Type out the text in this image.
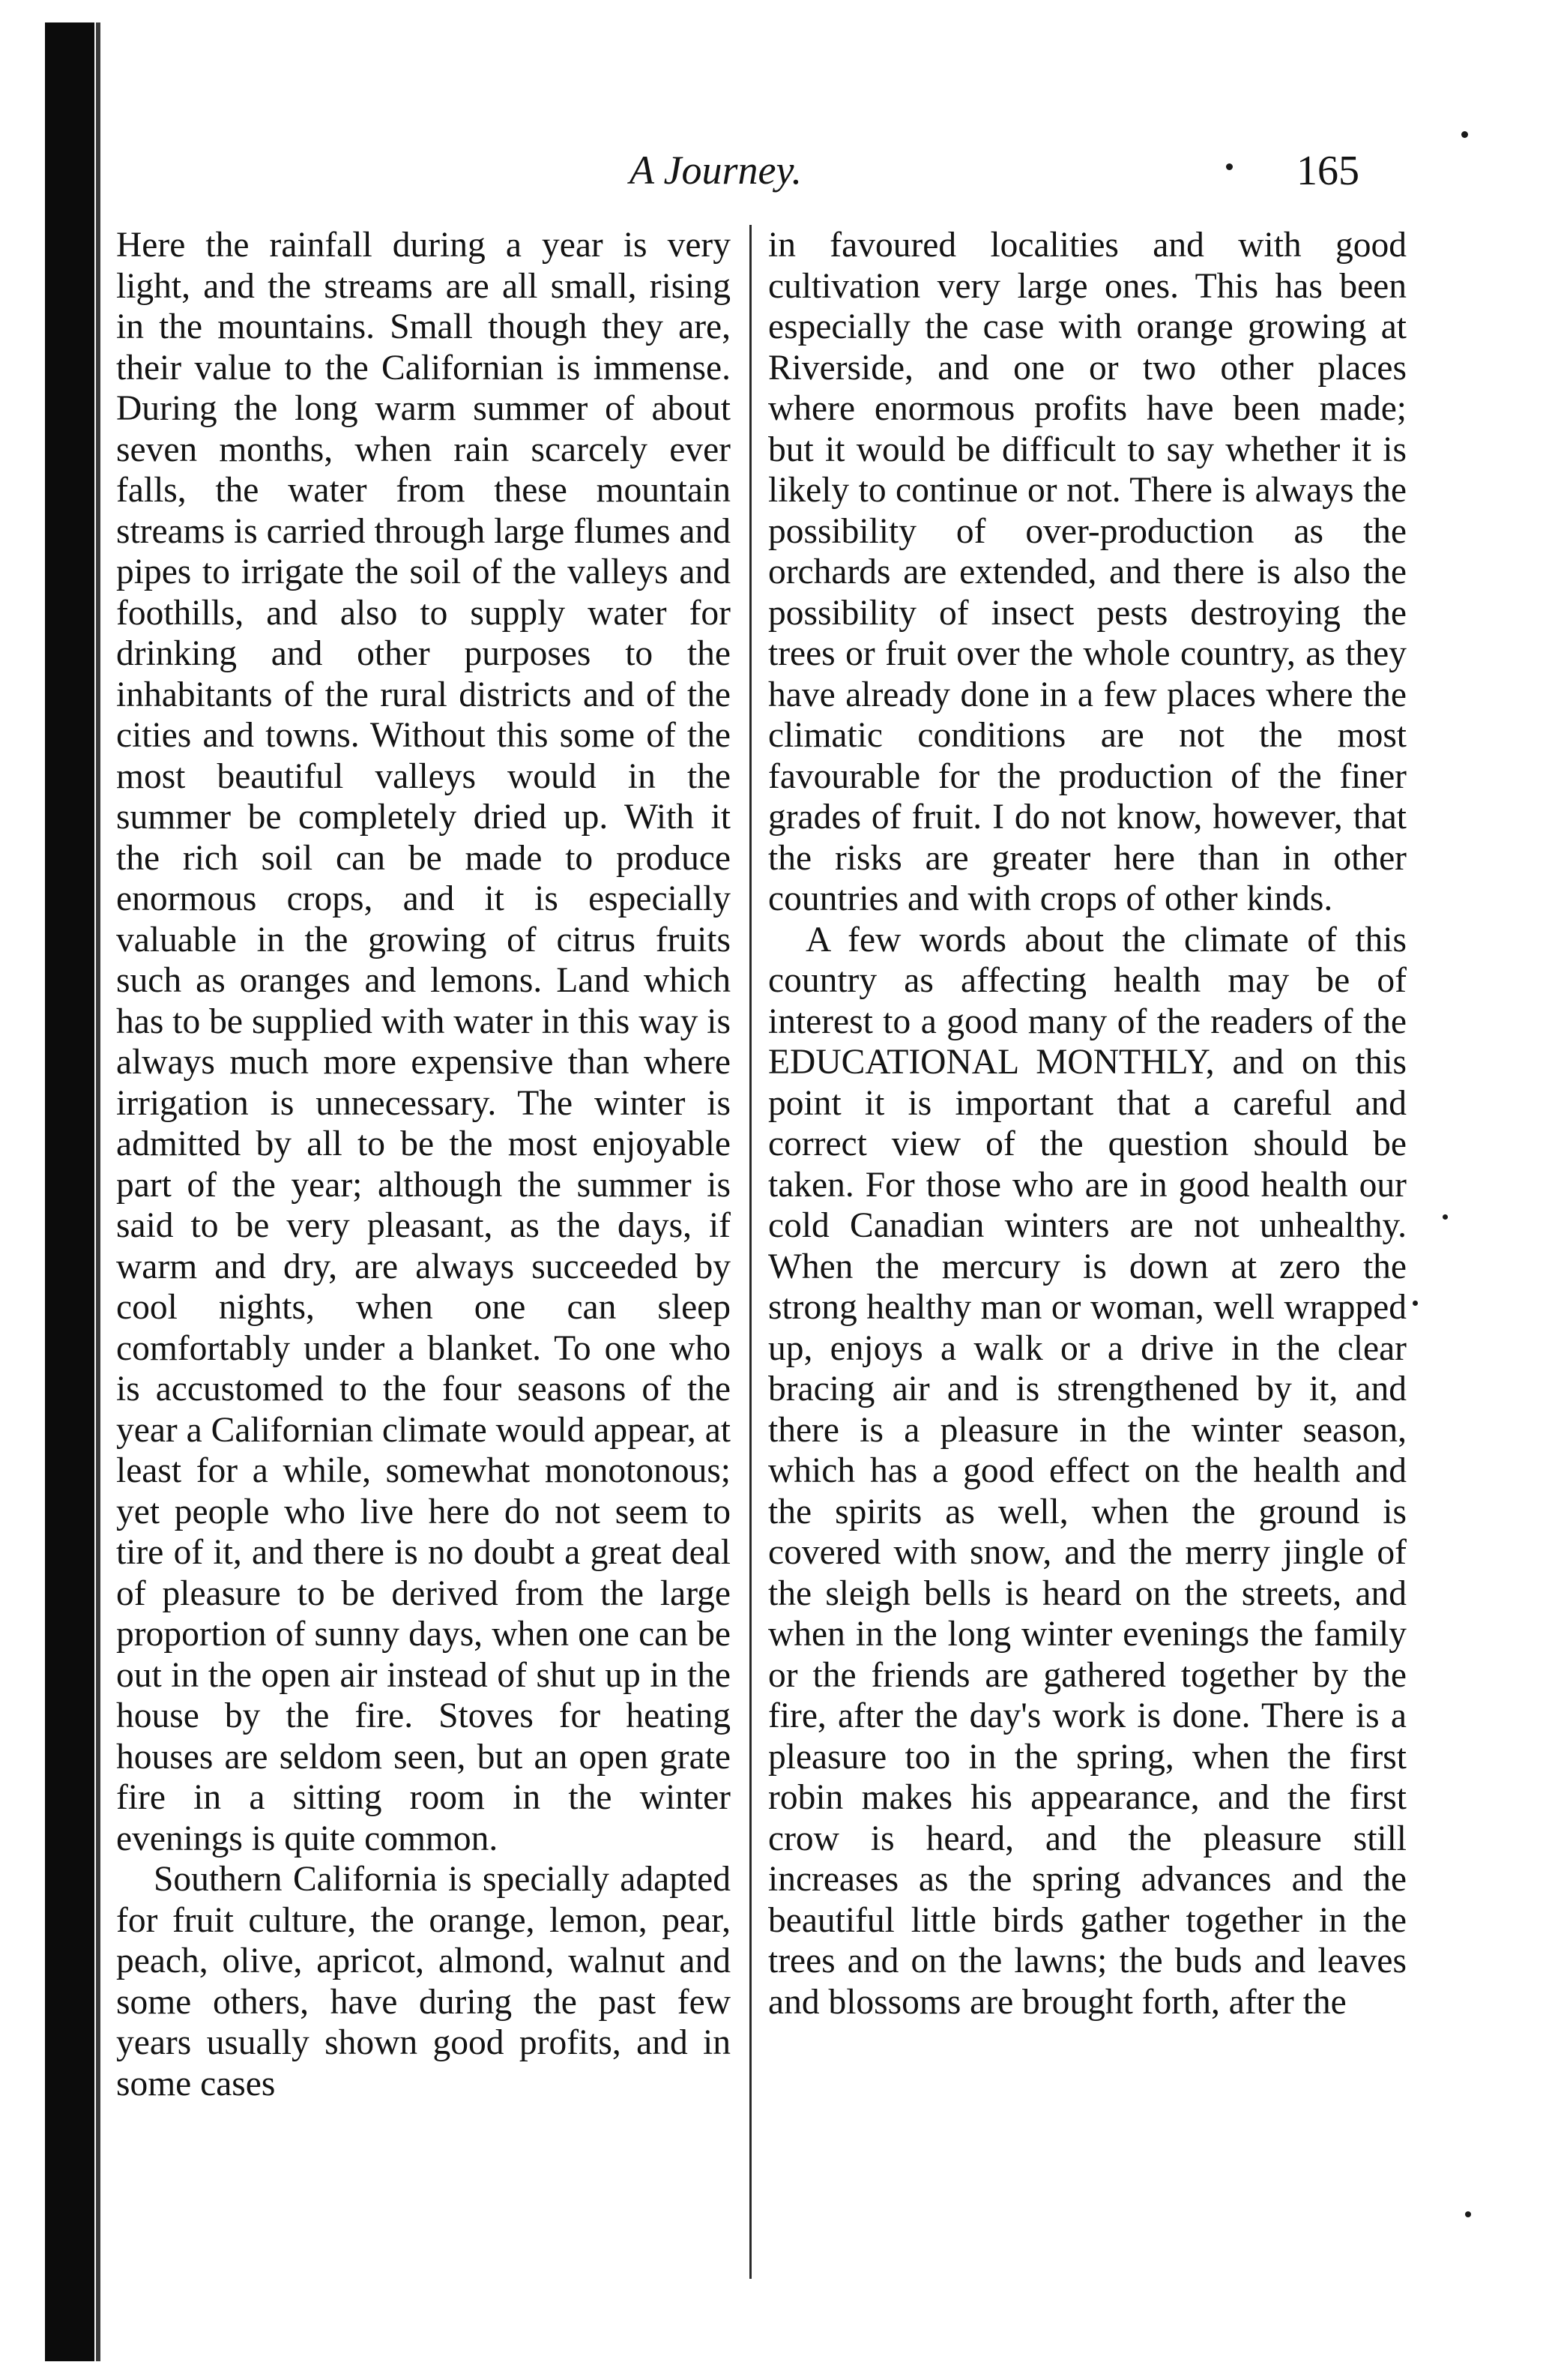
A Journey.	165

Here the rainfall during a year is very light, and the streams are all small, rising in the mountains. Small though they are, their value to the Californian is immense. During the long warm summer of about seven months, when rain scarcely ever falls, the water from these mountain streams is carried through large flumes and pipes to irrigate the soil of the valleys and foothills, and also to supply water for drinking and other purposes to the inhabitants of the rural districts and of the cities and towns. Without this some of the most beautiful valleys would in the summer be completely dried up. With it the rich soil can be made to produce enormous crops, and it is especially valuable in the growing of citrus fruits such as oranges and lemons. Land which has to be supplied with water in this way is always much more expensive than where irrigation is unnecessary. The winter is admitted by all to be the most enjoyable part of the year; although the summer is said to be very pleasant, as the days, if warm and dry, are always succeeded by cool nights, when one can sleep comfortably under a blanket. To one who is accustomed to the four seasons of the year a Californian climate would appear, at least for a while, somewhat monotonous; yet people who live here do not seem to tire of it, and there is no doubt a great deal of pleasure to be derived from the large proportion of sunny days, when one can be out in the open air instead of shut up in the house by the fire. Stoves for heating houses are seldom seen, but an open grate fire in a sitting room in the winter evenings is quite common.

Southern California is specially adapted for fruit culture, the orange, lemon, pear, peach, olive, apricot, almond, walnut and some others, have during the past few years usually shown good profits, and in some cases

in favoured localities and with good cultivation very large ones. This has been especially the case with orange growing at Riverside, and one or two other places where enormous profits have been made; but it would be difficult to say whether it is likely to continue or not. There is always the possibility of over-production as the orchards are extended, and there is also the possibility of insect pests destroying the trees or fruit over the whole country, as they have already done in a few places where the climatic conditions are not the most favourable for the production of the finer grades of fruit. I do not know, however, that the risks are greater here than in other countries and with crops of other kinds.

A few words about the climate of this country as affecting health may be of interest to a good many of the readers of the EDUCATIONAL MONTHLY, and on this point it is important that a careful and correct view of the question should be taken. For those who are in good health our cold Canadian winters are not unhealthy. When the mercury is down at zero the strong healthy man or woman, well wrapped up, enjoys a walk or a drive in the clear bracing air and is strengthened by it, and there is a pleasure in the winter season, which has a good effect on the health and the spirits as well, when the ground is covered with snow, and the merry jingle of the sleigh bells is heard on the streets, and when in the long winter evenings the family or the friends are gathered together by the fire, after the day's work is done. There is a pleasure too in the spring, when the first robin makes his appearance, and the first crow is heard, and the pleasure still increases as the spring advances and the beautiful little birds gather together in the trees and on the lawns; the buds and leaves and blossoms are brought forth, after the
